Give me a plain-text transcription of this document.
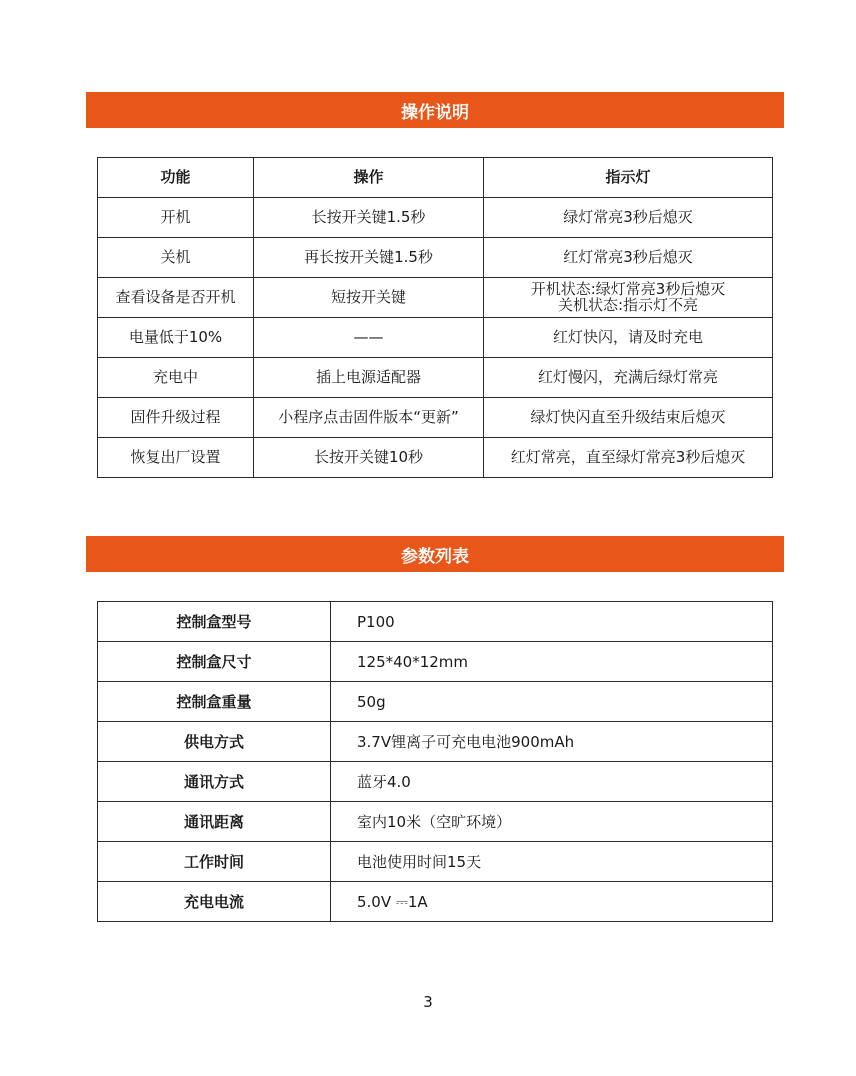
操作说明
功能	操作	指示灯
开机	长按开关键1.5秒	绿灯常亮3秒后熄灭
关机	再长按开关键1.5秒	红灯常亮3秒后熄灭
查看设备是否开机	短按开关键	开机状态:绿灯常亮3秒后熄灭
关机状态:指示灯不亮

电量低于10%	——	红灯快闪，请及时充电
充电中	插上电源适配器	红灯慢闪，充满后绿灯常亮
固件升级过程	小程序点击固件版本“更新”	绿灯快闪直至升级结束后熄灭
恢复出厂设置	长按开关键10秒	红灯常亮，直至绿灯常亮3秒后熄灭
参数列表
控制盒型号	P100
控制盒尺寸	125*40*12mm
控制盒重量	50g
供电方式	3.7V锂离子可充电电池900mAh
通讯方式	蓝牙4.0
通讯距离	室内10米（空旷环境）
工作时间	电池使用时间15天
充电电流	5.0V ⎓1A
3
